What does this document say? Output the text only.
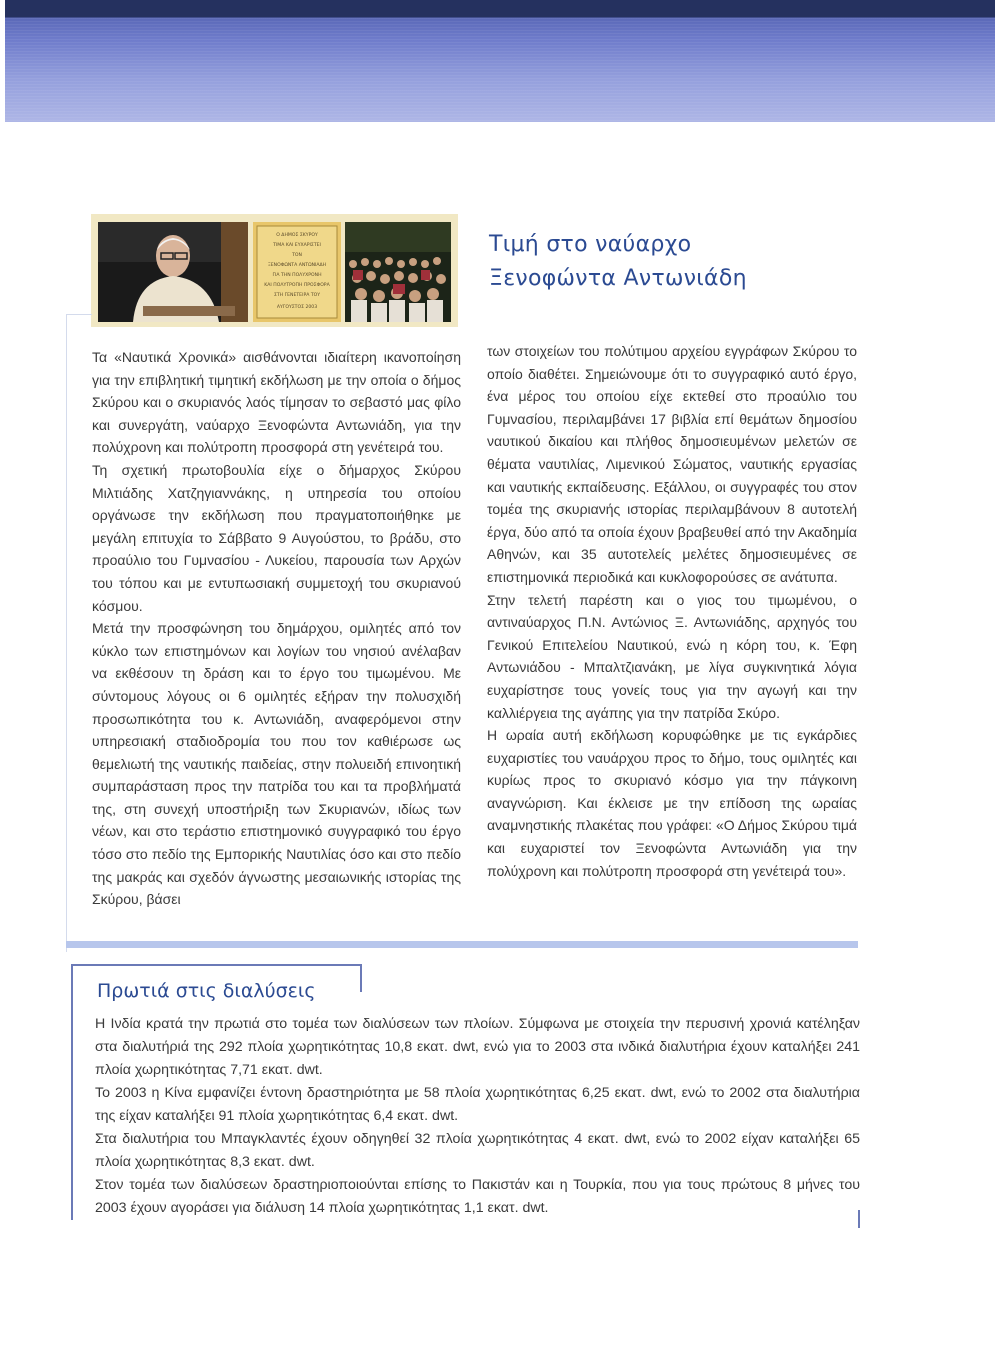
Ο ΔΗΜΟΣ ΣΚΥΡΟΥ
ΤΙΜΑ ΚΑΙ ΕΥΧΑΡΙΣΤΕΙ
ΤΟΝ
ΞΕΝΟΦΩΝΤΑ ΑΝΤΩΝΙΑΔΗ
ΓΙΑ ΤΗΝ ΠΟΛΥΧΡΟΝΗ
ΚΑΙ ΠΟΛΥΤΡΟΠΗ ΠΡΟΣΦΟΡΑ
ΣΤΗ ΓΕΝΕΤΕΙΡΑ ΤΟΥ
ΑΥΓΟΥΣΤΟΣ 2003
Τιμή στο ναύαρχο
Ξενοφώντα Αντωνιάδη

Τα «Ναυτικά Χρονικά» αισθάνονται ιδιαίτερη ικανοποίηση για την επιβλητική τιμητική εκδήλωση με την οποία ο δήμος Σκύρου και ο σκυριανός λαός τίμησαν το σεβαστό μας φίλο και συνεργάτη, ναύαρχο Ξενοφώντα Αντωνιάδη, για την πολύχρονη και πολύτροπη προσφορά στη γενέτειρά του.

Τη σχετική πρωτοβουλία είχε ο δήμαρχος Σκύρου Μιλτιάδης Χατζηγιαννάκης, η υπηρεσία του οποίου οργάνωσε την εκδήλωση που πραγματοποιήθηκε με μεγάλη επιτυχία το Σάββατο 9 Αυγούστου, το βράδυ, στο προαύλιο του Γυμνασίου - Λυκείου, παρουσία των Αρχών του τόπου και με εντυπωσιακή συμμετοχή του σκυριανού κόσμου.

Μετά την προσφώνηση του δημάρχου, ομιλητές από τον κύκλο των επιστημόνων και λογίων του νησιού ανέλαβαν να εκθέσουν τη δράση και το έργο του τιμωμένου. Με σύντομους λόγους οι 6 ομιλητές εξήραν την πολυσχιδή προσωπικότητα του κ. Αντωνιάδη, αναφερόμενοι στην υπηρεσιακή σταδιοδρομία του που τον καθιέρωσε ως θεμελιωτή της ναυτικής παιδείας, στην πολυειδή επινοητική συμπαράσταση προς την πατρίδα του και τα προβλήματά της, στη συνεχή υποστήριξη των Σκυριανών, ιδίως των νέων, και στο τεράστιο επιστημονικό συγγραφικό του έργο τόσο στο πεδίο της Εμπορικής Ναυτιλίας όσο και στο πεδίο της μακράς και σχεδόν άγνωστης μεσαιωνικής ιστορίας της Σκύρου, βάσει

των στοιχείων του πολύτιμου αρχείου εγγράφων Σκύρου το οποίο διαθέτει. Σημειώνουμε ότι το συγγραφικό αυτό έργο, ένα μέρος του οποίου είχε εκτεθεί στο προαύλιο του Γυμνασίου, περιλαμβάνει 17 βιβλία επί θεμάτων δημοσίου ναυτικού δικαίου και πλήθος δημοσιευμένων μελετών σε θέματα ναυτιλίας, Λιμενικού Σώματος, ναυτικής εργασίας και ναυτικής εκπαίδευσης. Εξάλλου, οι συγγραφές του στον τομέα της σκυριανής ιστορίας περιλαμβάνουν 8 αυτοτελή έργα, δύο από τα οποία έχουν βραβευθεί από την Ακαδημία Αθηνών, και 35 αυτοτελείς μελέτες δημοσιευμένες σε επιστημονικά περιοδικά και κυκλοφορούσες σε ανάτυπα.

Στην τελετή παρέστη και ο γιος του τιμωμένου, ο αντιναύαρχος Π.Ν. Αντώνιος Ξ. Αντωνιάδης, αρχηγός του Γενικού Επιτελείου Ναυτικού, ενώ η κόρη του, κ. Έφη Αντωνιάδου - Μπαλτζιανάκη, με λίγα συγκινητικά λόγια ευχαρίστησε τους γονείς τους για την αγωγή και την καλλιέργεια της αγάπης για την πατρίδα Σκύρο.

Η ωραία αυτή εκδήλωση κορυφώθηκε με τις εγκάρδιες ευχαριστίες του ναυάρχου προς το δήμο, τους ομιλητές και κυρίως προς το σκυριανό κόσμο για την πάγκοινη αναγνώριση. Και έκλεισε με την επίδοση της ωραίας αναμνηστικής πλακέτας που γράφει: «Ο Δήμος Σκύρου τιμά και ευχαριστεί τον Ξενοφώντα Αντωνιάδη για την πολύχρονη και πολύτροπη προσφορά στη γενέτειρά του».

Πρωτιά στις διαλύσεις

Η Ινδία κρατά την πρωτιά στο τομέα των διαλύσεων των πλοίων. Σύμφωνα με στοιχεία την περυσινή χρονιά κατέληξαν στα διαλυτήριά της 292 πλοία χωρητικότητας 10,8 εκατ. dwt, ενώ για το 2003 στα ινδικά διαλυτήρια έχουν καταλήξει 241 πλοία χωρητικότητας 7,71 εκατ. dwt.

Το 2003 η Κίνα εμφανίζει έντονη δραστηριότητα με 58 πλοία χωρητικότητας 6,25 εκατ. dwt, ενώ το 2002 στα διαλυτήρια της είχαν καταλήξει 91 πλοία χωρητικότητας 6,4 εκατ. dwt.

Στα διαλυτήρια του Μπαγκλαντές έχουν οδηγηθεί 32 πλοία χωρητικότητας 4 εκατ. dwt, ενώ το 2002 είχαν καταλήξει 65 πλοία χωρητικότητας 8,3 εκατ. dwt.

Στον τομέα των διαλύσεων δραστηριοποιούνται επίσης το Πακιστάν και η Τουρκία, που για τους πρώτους 8 μήνες του 2003 έχουν αγοράσει για διάλυση 14 πλοία χωρητικότητας 1,1 εκατ. dwt.
